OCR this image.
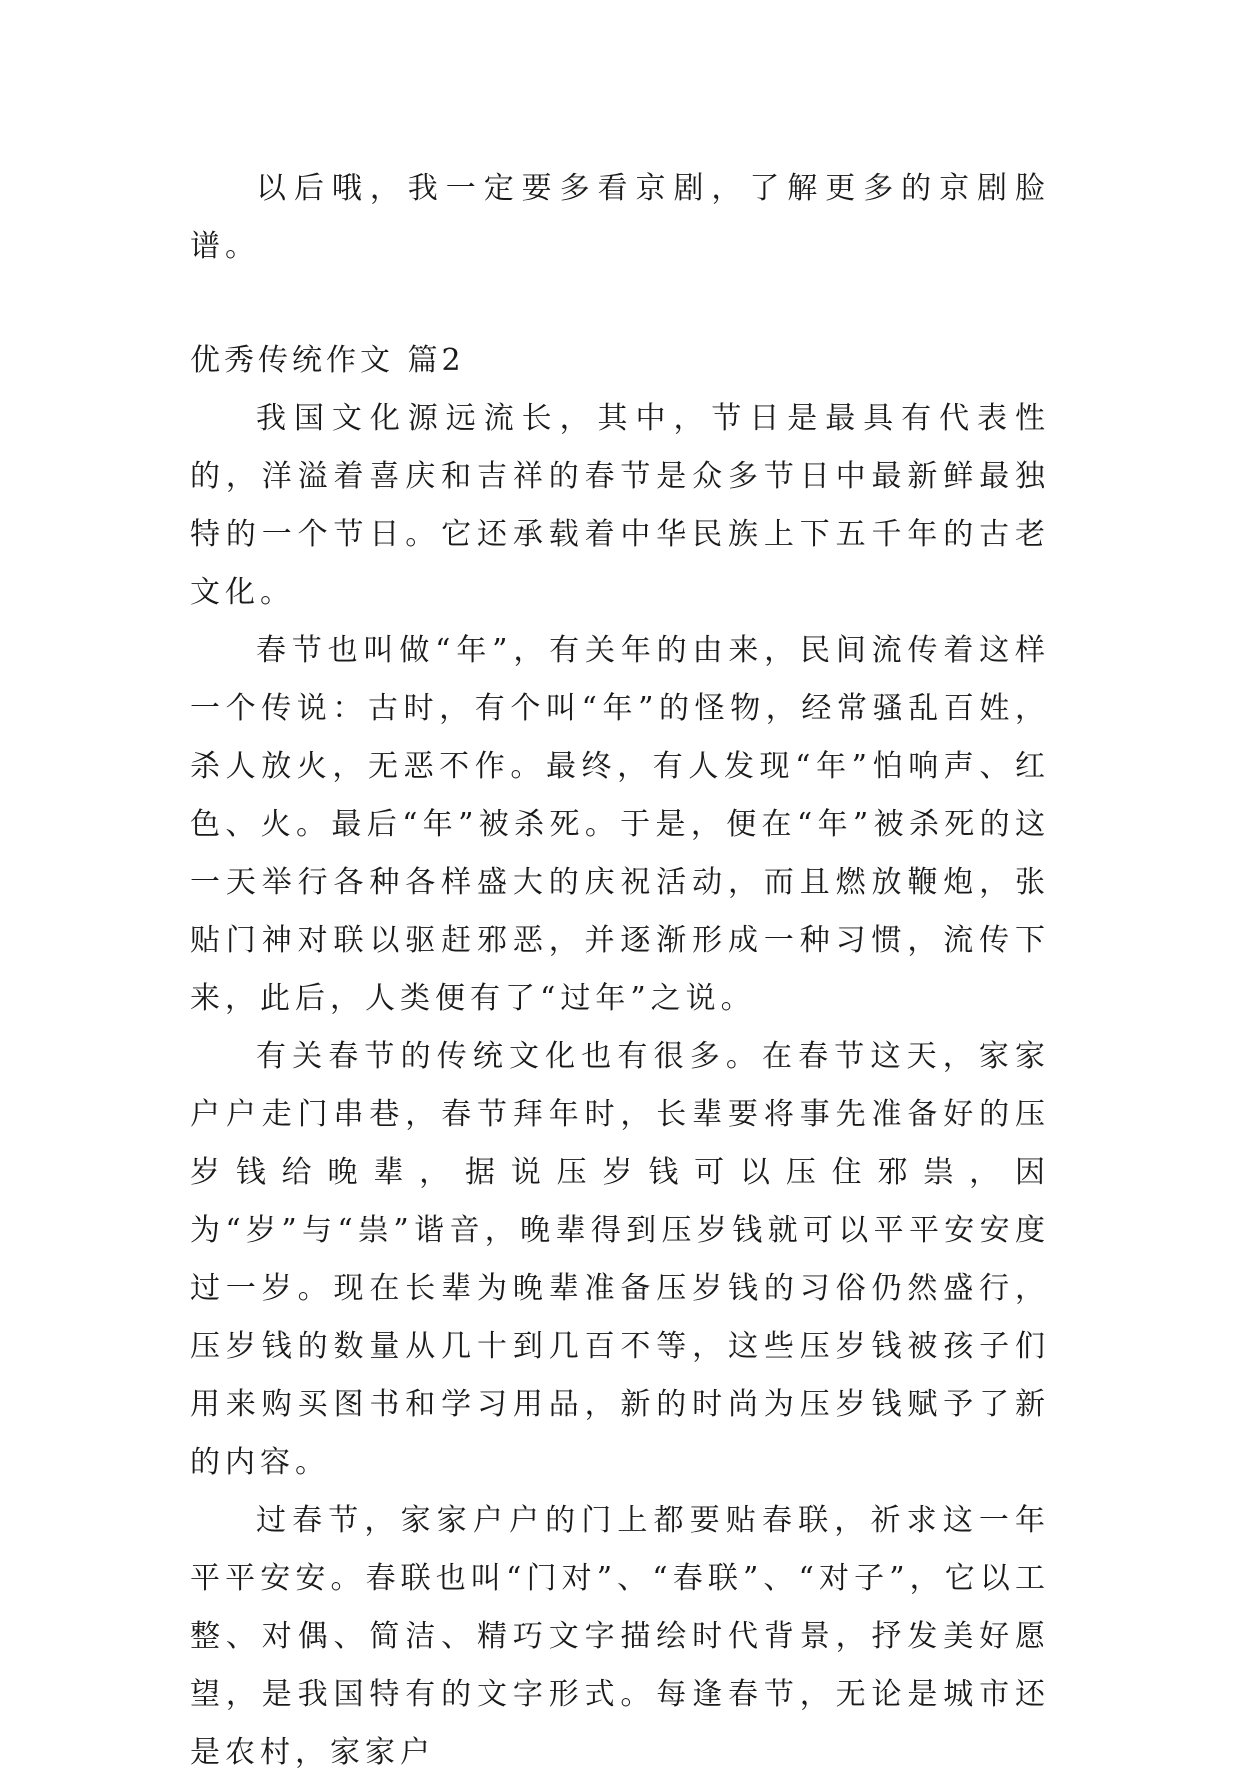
以后哦，我一定要多看京剧，了解更多的京剧脸谱。

优秀传统作文 篇2

我国文化源远流长，其中，节日是最具有代表性的，洋溢着喜庆和吉祥的春节是众多节日中最新鲜最独特的一个节日。它还承载着中华民族上下五千年的古老文化。

春节也叫做“年”，有关年的由来，民间流传着这样一个传说：古时，有个叫“年”的怪物，经常骚乱百姓，杀人放火，无恶不作。最终，有人发现“年”怕响声、红色、火。最后“年”被杀死。于是，便在“年”被杀死的这一天举行各种各样盛大的庆祝活动，而且燃放鞭炮，张贴门神对联以驱赶邪恶，并逐渐形成一种习惯，流传下来，此后，人类便有了“过年”之说。

有关春节的传统文化也有很多。在春节这天，家家户户走门串巷，春节拜年时，长辈要将事先准备好的压岁钱给晚辈，据说压岁钱可以压住邪祟，因为“岁”与“祟”谐音，晚辈得到压岁钱就可以平平安安度过一岁。现在长辈为晚辈准备压岁钱的习俗仍然盛行，压岁钱的数量从几十到几百不等，这些压岁钱被孩子们用来购买图书和学习用品，新的时尚为压岁钱赋予了新的内容。

过春节，家家户户的门上都要贴春联，祈求这一年平平安安。春联也叫“门对”、“春联”、“对子”，它以工整、对偶、简洁、精巧文字描绘时代背景，抒发美好愿望，是我国特有的文字形式。每逢春节，无论是城市还是农村，家家户
